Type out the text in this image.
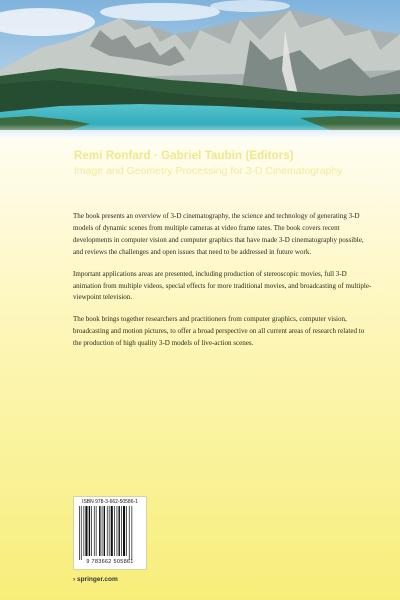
Remi Ronfard · Gabriel Taubin (Editors)
Image and Geometry Processing for 3-D Cinematography

The book presents an overview of 3-D cinematography, the science and technology of generating 3-D models of dynamic scenes from multiple cameras at video frame rates. The book covers recent developments in computer vision and computer graphics that have made 3-D cinematography possible, and reviews the challenges and open issues that need to be addressed in future work.

Important applications areas are presented, including production of stereoscopic movies, full 3-D animation from multiple videos, special effects for more traditional movies, and broadcasting of multiple-viewpoint television.

The book brings together researchers and practitioners from computer graphics, computer vision, broadcasting and motion pictures, to offer a broad perspective on all current areas of research related to the production of high quality 3-D models of live-action scenes.

ISBN 978-3-662-50586-1
9 783662 505861
› springer.com
